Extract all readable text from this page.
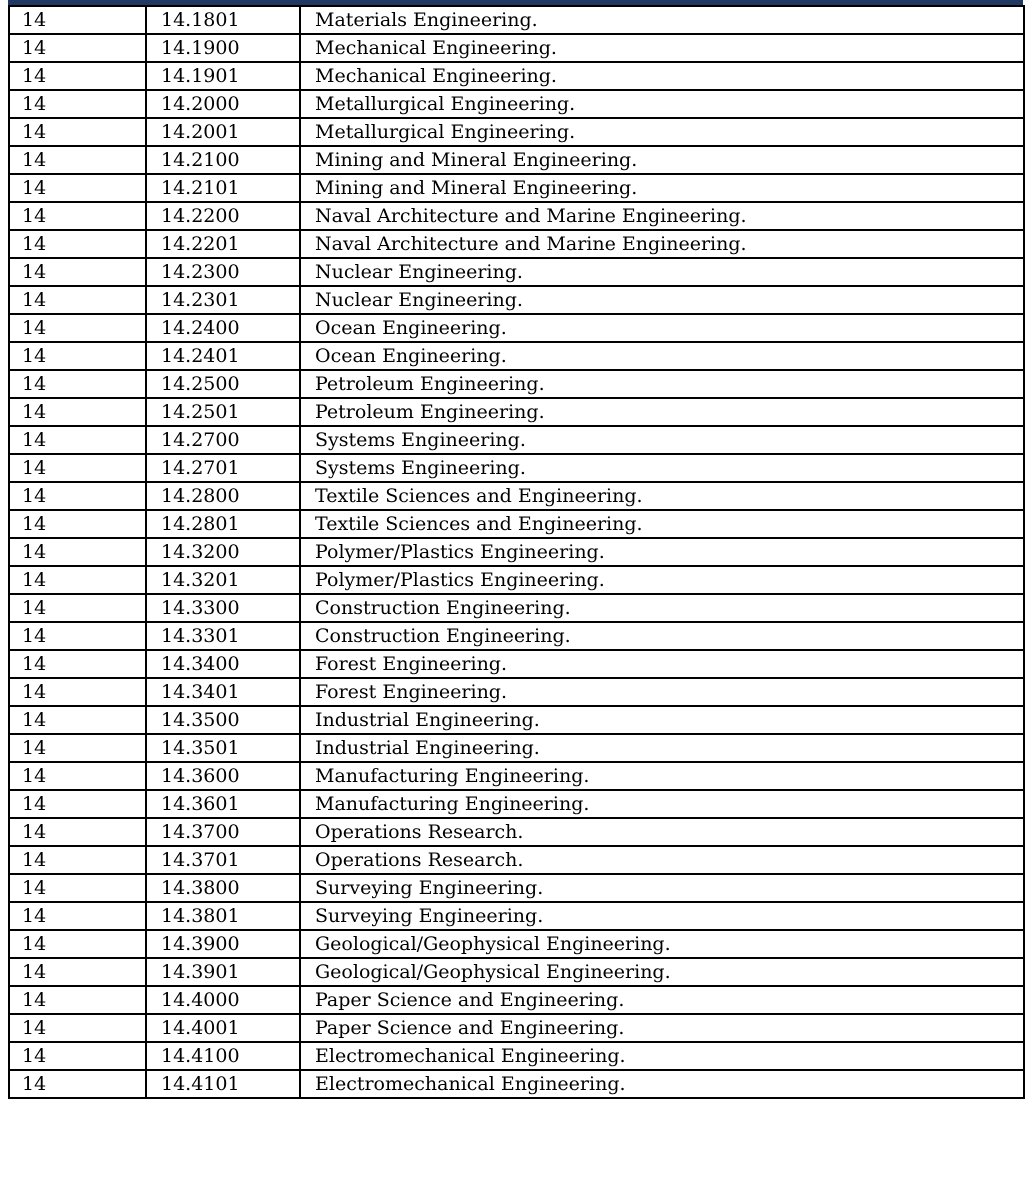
14	14.1801	Materials Engineering.
14	14.1900	Mechanical Engineering.
14	14.1901	Mechanical Engineering.
14	14.2000	Metallurgical Engineering.
14	14.2001	Metallurgical Engineering.
14	14.2100	Mining and Mineral Engineering.
14	14.2101	Mining and Mineral Engineering.
14	14.2200	Naval Architecture and Marine Engineering.
14	14.2201	Naval Architecture and Marine Engineering.
14	14.2300	Nuclear Engineering.
14	14.2301	Nuclear Engineering.
14	14.2400	Ocean Engineering.
14	14.2401	Ocean Engineering.
14	14.2500	Petroleum Engineering.
14	14.2501	Petroleum Engineering.
14	14.2700	Systems Engineering.
14	14.2701	Systems Engineering.
14	14.2800	Textile Sciences and Engineering.
14	14.2801	Textile Sciences and Engineering.
14	14.3200	Polymer/Plastics Engineering.
14	14.3201	Polymer/Plastics Engineering.
14	14.3300	Construction Engineering.
14	14.3301	Construction Engineering.
14	14.3400	Forest Engineering.
14	14.3401	Forest Engineering.
14	14.3500	Industrial Engineering.
14	14.3501	Industrial Engineering.
14	14.3600	Manufacturing Engineering.
14	14.3601	Manufacturing Engineering.
14	14.3700	Operations Research.
14	14.3701	Operations Research.
14	14.3800	Surveying Engineering.
14	14.3801	Surveying Engineering.
14	14.3900	Geological/Geophysical Engineering.
14	14.3901	Geological/Geophysical Engineering.
14	14.4000	Paper Science and Engineering.
14	14.4001	Paper Science and Engineering.
14	14.4100	Electromechanical Engineering.
14	14.4101	Electromechanical Engineering.
